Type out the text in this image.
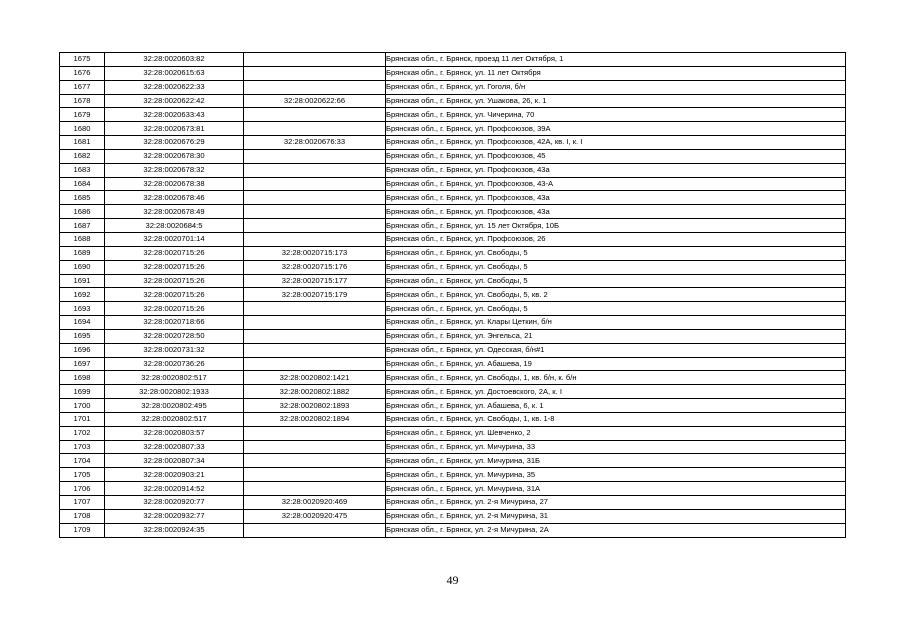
1675	32:28:0020603:82		Брянская обл., г. Брянск, проезд 11 лет Октября, 1
1676	32:28:0020615:63		Брянская обл., г. Брянск, ул. 11 лет Октября
1677	32:28:0020622:33		Брянская обл., г. Брянск, ул. Гоголя, б/н
1678	32:28:0020622:42	32:28:0020622:66	Брянская обл., г. Брянск, ул. Ушакова, 26, к. 1
1679	32:28:0020633:43		Брянская обл., г. Брянск, ул. Чичерина, 70
1680	32:28:0020673:81		Брянская обл., г. Брянск, ул. Профсоюзов, 39А
1681	32:28:0020676:29	32:28:0020676:33	Брянская обл., г. Брянск, ул. Профсоюзов, 42А, кв. I, к. I
1682	32:28:0020678:30		Брянская обл., г. Брянск, ул. Профсоюзов, 45
1683	32:28:0020678:32		Брянская обл., г. Брянск, ул. Профсоюзов, 43а
1684	32:28:0020678:38		Брянская обл., г. Брянск, ул. Профсоюзов, 43-А
1685	32:28:0020678:46		Брянская обл., г. Брянск, ул. Профсоюзов, 43а
1686	32:28:0020678:49		Брянская обл., г. Брянск, ул. Профсоюзов, 43а
1687	32:28:0020684:5		Брянская обл., г. Брянск, ул. 15 лет Октября, 10Б
1688	32:28:0020701:14		Брянская обл., г. Брянск, ул. Профсоюзов, 26
1689	32:28:0020715:26	32:28:0020715:173	Брянская обл., г. Брянск, ул. Свободы, 5
1690	32:28:0020715:26	32:28:0020715:176	Брянская обл., г. Брянск, ул. Свободы, 5
1691	32:28:0020715:26	32:28:0020715:177	Брянская обл., г. Брянск, ул. Свободы, 5
1692	32:28:0020715:26	32:28:0020715:179	Брянская обл., г. Брянск, ул. Свободы, 5, кв. 2
1693	32:28:0020715:26		Брянская обл., г. Брянск, ул. Свободы, 5
1694	32:28:0020718:66		Брянская обл., г. Брянск, ул. Клары Цеткин, б/н
1695	32:28:0020728:50		Брянская обл., г. Брянск, ул. Энгельса, 21
1696	32:28:0020731:32		Брянская обл., г. Брянск, ул. Одесская, б/н#1
1697	32:28:0020736:26		Брянская обл., г. Брянск, ул. Абашева, 19
1698	32:28:0020802:517	32:28:0020802:1421	Брянская обл., г. Брянск, ул. Свободы, 1, кв. б/н, к. б/н
1699	32:28:0020802:1933	32:28:0020802:1882	Брянская обл., г. Брянск, ул. Достоевского, 2А, к. I
1700	32:28:0020802:495	32:28:0020802:1893	Брянская обл., г. Брянск, ул. Абашева, 6, к. 1
1701	32:28:0020802:517	32:28:0020802:1894	Брянская обл., г. Брянск, ул. Свободы, 1, кв. 1-8
1702	32:28:0020803:57		Брянская обл., г. Брянск, ул. Шевченко, 2
1703	32:28:0020807:33		Брянская обл., г. Брянск, ул. Мичурина, 33
1704	32:28:0020807:34		Брянская обл., г. Брянск, ул. Мичурина, 31Б
1705	32:28:0020903:21		Брянская обл., г. Брянск, ул. Мичурина, 35
1706	32:28:0020914:52		Брянская обл., г. Брянск, ул. Мичурина, 31А
1707	32:28:0020920:77	32:28:0020920:469	Брянская обл., г. Брянск, ул. 2-я Мичурина, 27
1708	32:28:0020932:77	32:28:0020920:475	Брянская обл., г. Брянск, ул. 2-я Мичурина, 31
1709	32:28:0020924:35		Брянская обл., г. Брянск, ул. 2-я Мичурина, 2А
49
